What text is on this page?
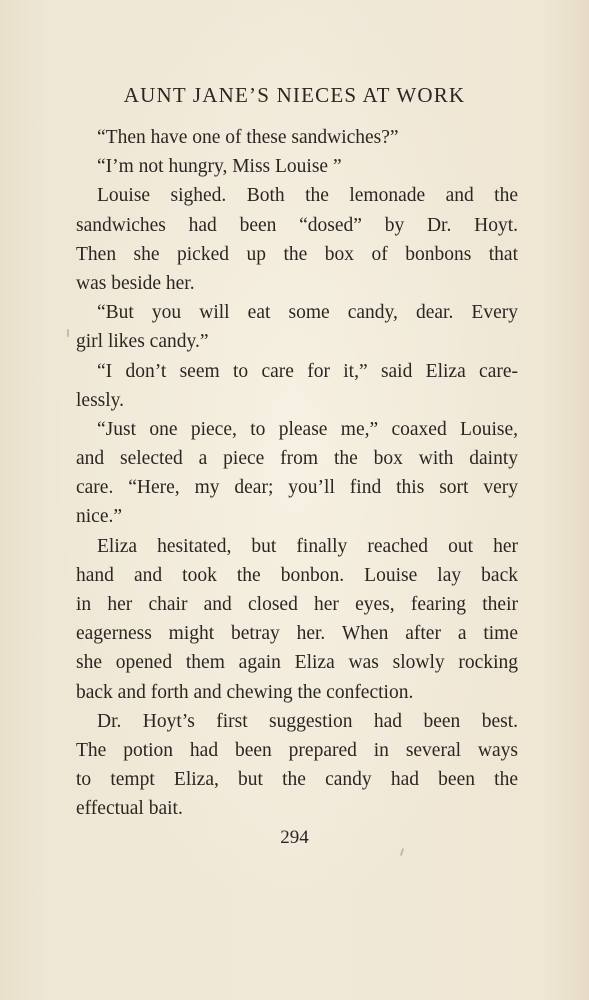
AUNT JANE’S NIECES AT WORK
“Then have one of these sandwiches?”
“I’m not hungry, Miss Louise ”
Louise sighed. Both the lemonade and the
sandwiches had been “dosed” by Dr. Hoyt.
Then she picked up the box of bonbons that
was beside her.
“But you will eat some candy, dear. Every
girl likes candy.”
“I don’t seem to care for it,” said Eliza care-
lessly.
“Just one piece, to please me,” coaxed Louise,
and selected a piece from the box with dainty
care. “Here, my dear; you’ll find this sort very
nice.”
Eliza hesitated, but finally reached out her
hand and took the bonbon. Louise lay back
in her chair and closed her eyes, fearing their
eagerness might betray her. When after a time
she opened them again Eliza was slowly rocking
back and forth and chewing the confection.
Dr. Hoyt’s first suggestion had been best.
The potion had been prepared in several ways
to tempt Eliza, but the candy had been the
effectual bait.
294
